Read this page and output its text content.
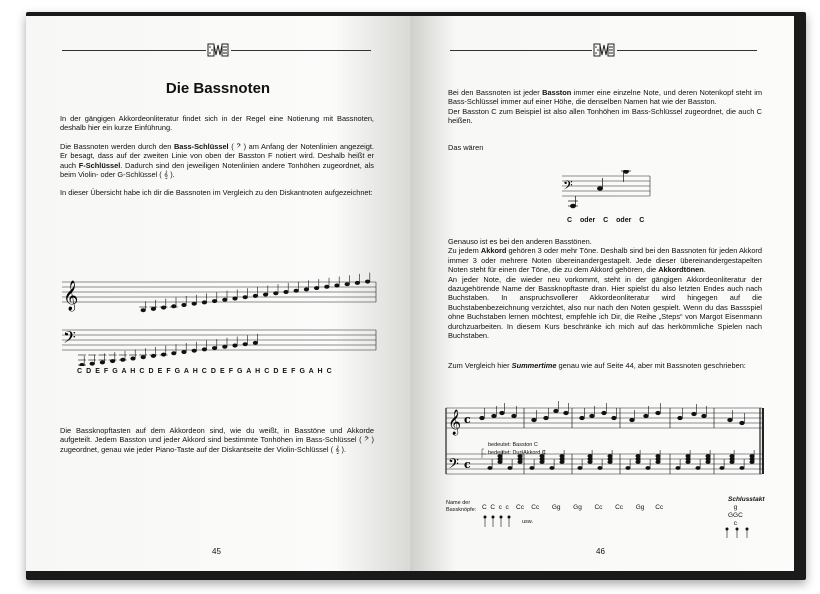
Die Bassnoten
In der gängigen Akkordeonliteratur findet sich in der Regel eine Notierung mit Bassnoten, deshalb hier ein kurze Einführung.
Die Bassnoten werden durch den Bass-Schlüssel ( 𝄢 ) am Anfang der Notenlinien angezeigt. Er besagt, dass auf der zweiten Linie von oben der Basston F notiert wird. Deshalb heißt er auch F-Schlüssel. Dadurch sind den jeweiligen Notenlinien andere Tonhöhen zugeordnet, als beim Violin- oder G-Schlüssel ( 𝄞 ).
In dieser Übersicht habe ich dir die Bassnoten im Vergleich zu den Diskantnoten aufgezeichnet:
𝄞
𝄢
C D E F G A H C D E F G A H C D E F G A H C D E F G A H C
Die Bassknopftasten auf dem Akkordeon sind, wie du weißt, in Basstöne und Akkorde aufgeteilt. Jedem Basston und jeder Akkord sind bestimmte Tonhöhen im Bass-Schlüssel ( 𝄢 ) zugeordnet, genau wie jeder Piano-Taste auf der Diskantseite der Violin-Schlüssel ( 𝄞 ).
45
Bei den Bassnoten ist jeder Basston immer eine einzelne Note, und deren Notenkopf steht im Bass-Schlüssel immer auf einer Höhe, die denselben Namen hat wie der Basston.
Der Basston C zum Beispiel ist also allen Tonhöhen im Bass-Schlüssel zugeordnet, die auch C heißen.
Das wären
𝄢
C oder C oder C
Genauso ist es bei den anderen Basstönen.
Zu jedem Akkord gehören 3 oder mehr Töne. Deshalb sind bei den Bassnoten für jeden Akkord immer 3 oder mehrere Noten übereinandergestapelt. Jede dieser übereinandergestapelten Noten steht für einen der Töne, die zu dem Akkord gehören, die Akkordtönen.
An jeder Note, die wieder neu vorkommt, steht in der gängigen Akkordeonliteratur der dazugehörende Name der Bassknopftaste dran. Hier spielst du also letzten Endes auch nach Buchstaben. In anspruchsvollerer Akkordeonliteratur wird hingegen auf die Buchstabenbezeichnung verzichtet, also nur nach den Noten gespielt. Wenn du das Bassspiel ohne Buchstaben lernen möchtest, empfehle ich Dir, die Reihe „Steps“ von Margot Eisenmann durchzuarbeiten. In diesem Kurs beschränke ich mich auf das herkömmliche Spielen nach Buchstaben.
Zum Vergleich hier Summertime genau wie auf Seite 44, aber mit Bassnoten geschrieben:
𝄞 c
𝄢 c
bedeutet: Basston C
bedeutet: Dur-Akkord C
Schlusstakt
Name der Bassknöpfe: C C c c Cc Cc Gg Gg Cc Cc Gg Cc
usw.
g
GGC
c
46
